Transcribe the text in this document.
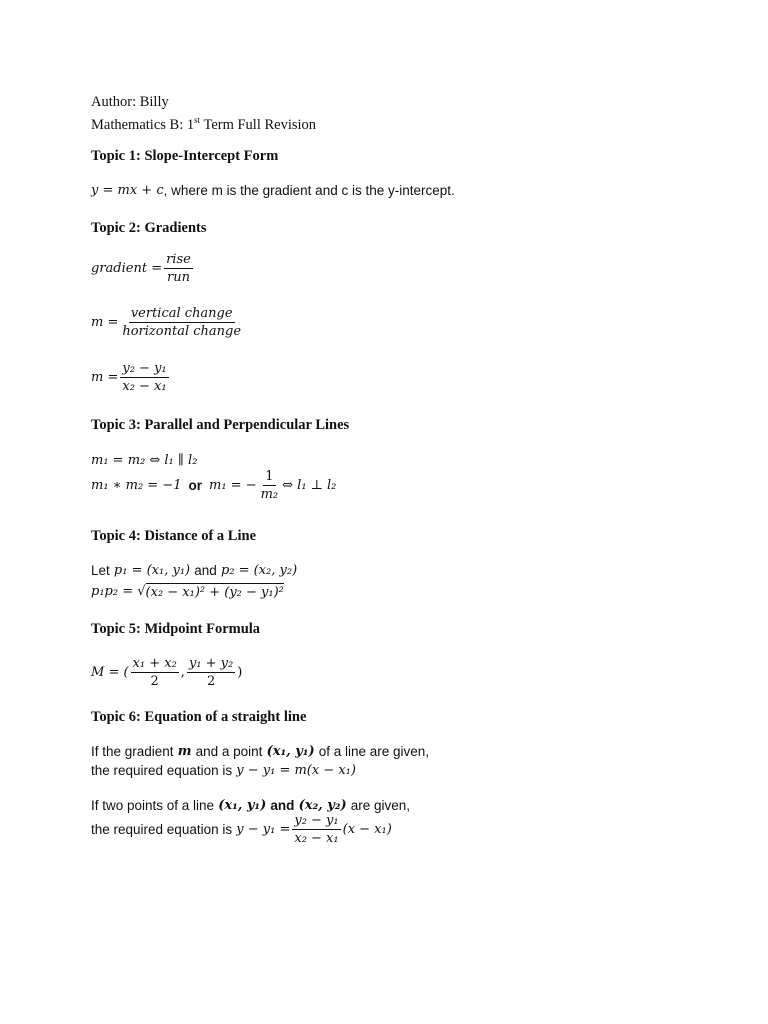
Author: Billy
Mathematics B: 1st Term Full Revision
Topic 1: Slope-Intercept Form
y = mx + c , where m is the gradient and c is the y-intercept.
Topic 2: Gradients
gradient = $\frac{\text{rise}}{\text{run}}$
$m = \frac{\text{vertical change}}{\text{horizontal change}}$
$m = \frac{\text{y₂ − y₁}}{\text{x₂ − x₁}}$
Topic 3: Parallel and Perpendicular Lines
m₁ = m₂ ⇔ l₁ ∥ l₂
m₁ ∗ m₂ = −1 or m₁ = − $\frac{1}{\text{m₂}}$ ⇔ l₁ ⊥ l₂
Topic 4: Distance of a Line
Let
p₁ = (x₁, y₁)
and
p₂ = (x₂, y₂)
p₁p₂ = √ (x₂ − x₁)² + (y₂ − y₁)²
Topic 5: Midpoint Formula
M = ( $\frac{\text{x₁ + x₂}}{2}$ , $\frac{\text{y₁ + y₂}}{2}$ )
Topic 6: Equation of a straight line
If the gradient
m
and a point
(x₁, y₁)
of a line are given,
the required equation is
y − y₁ = m(x − x₁)
If two points of a line
(x₁, y₁)
and
(x₂, y₂)
are given,
the required equation is
$y - y_1 = \frac{\text{y₂ − y₁}}{\text{x₂ − x₁}} (x - x_1)$
